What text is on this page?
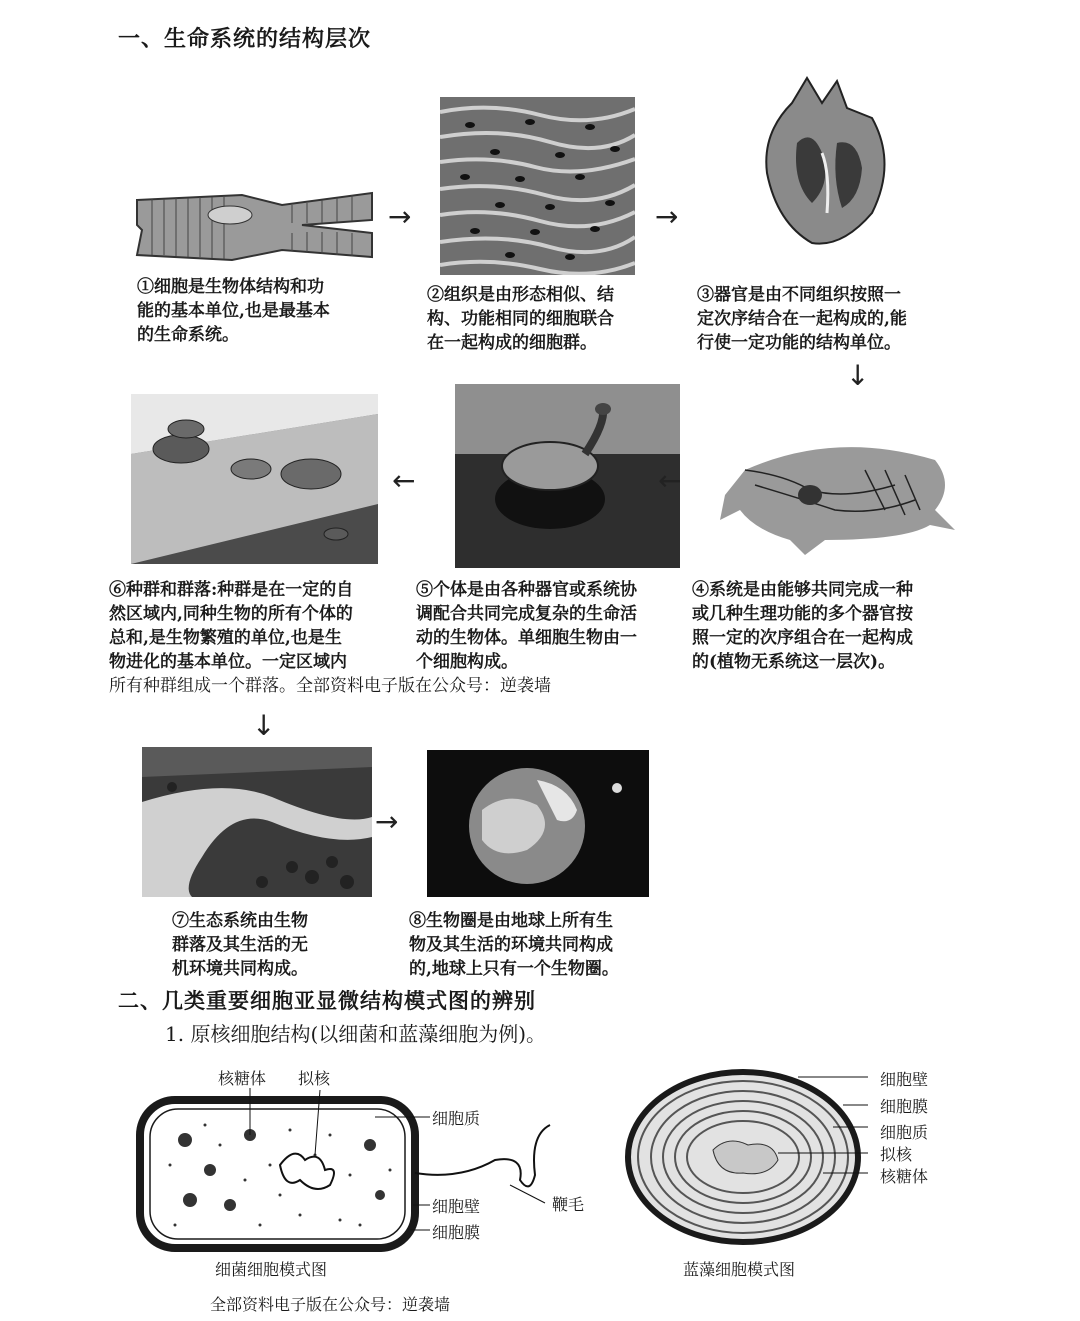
一、生命系统的结构层次
→	→
①细胞是生物体结构和功
能的基本单位,也是最基本
的生命系统。
②组织是由形态相似、结
构、功能相同的细胞联合
在一起构成的细胞群。
③器官是由不同组织按照一
定次序结合在一起构成的,能
行使一定功能的结构单位。
↓
←	←
⑥种群和群落:种群是在一定的自
然区域内,同种生物的所有个体的
总和,是生物繁殖的单位,也是生
物进化的基本单位。一定区域内
所有种群组成一个群落。全部资料电子版在公众号：逆袭墙
⑤个体是由各种器官或系统协
调配合共同完成复杂的生命活
动的生物体。单细胞生物由一
个细胞构成。
④系统是由能够共同完成一种
或几种生理功能的多个器官按
照一定的次序组合在一起构成
的(植物无系统这一层次)。
↓
→
⑦生态系统由生物
群落及其生活的无
机环境共同构成。
⑧生物圈是由地球上所有生
物及其生活的环境共同构成
的,地球上只有一个生物圈。
二、几类重要细胞亚显微结构模式图的辨别
1. 原核细胞结构(以细菌和蓝藻细胞为例)。
核糖体 拟核
细胞质
细胞壁
细胞膜
鞭毛
细菌细胞模式图
细胞壁
细胞膜
细胞质
拟核
核糖体
蓝藻细胞模式图
全部资料电子版在公众号：逆袭墙
